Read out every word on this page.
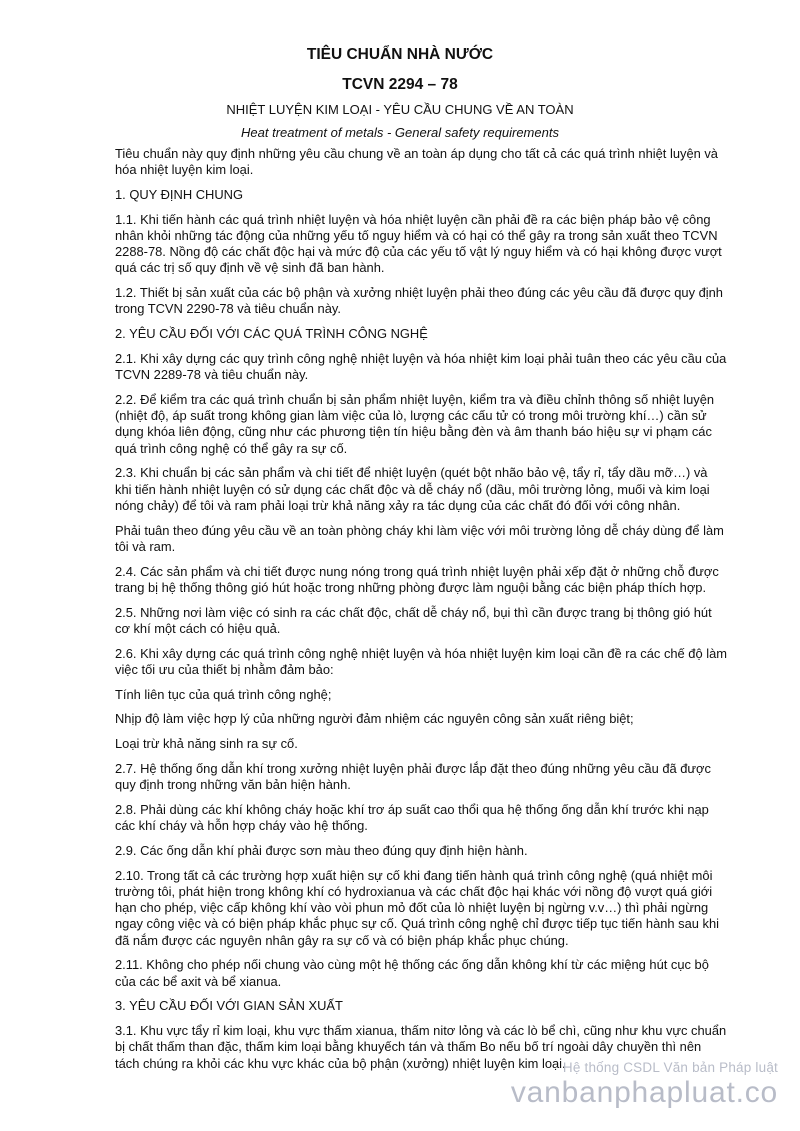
TIÊU CHUẨN NHÀ NƯỚC
TCVN 2294 – 78
NHIỆT LUYỆN KIM LOẠI - YÊU CẦU CHUNG VỀ AN TOÀN
Heat treatment of metals - General safety requirements

Tiêu chuẩn này quy định những yêu cầu chung về an toàn áp dụng cho tất cả các quá trình nhiệt luyện và hóa nhiệt luyện kim loại.

1. QUY ĐỊNH CHUNG

1.1. Khi tiến hành các quá trình nhiệt luyện và hóa nhiệt luyện cần phải đề ra các biện pháp bảo vệ công nhân khỏi những tác động của những yếu tố nguy hiểm và có hại có thể gây ra trong sản xuất theo TCVN 2288-78. Nồng độ các chất độc hại và mức độ của các yếu tố vật lý nguy hiểm và có hại không được vượt quá các trị số quy định về vệ sinh đã ban hành.

1.2. Thiết bị sản xuất của các bộ phận và xưởng nhiệt luyện phải theo đúng các yêu cầu đã được quy định trong TCVN 2290-78 và tiêu chuẩn này.

2. YÊU CẦU ĐỐI VỚI CÁC QUÁ TRÌNH CÔNG NGHỆ

2.1. Khi xây dựng các quy trình công nghệ nhiệt luyện và hóa nhiệt kim loại phải tuân theo các yêu cầu của TCVN 2289-78 và tiêu chuẩn này.

2.2. Để kiểm tra các quá trình chuẩn bị sản phẩm nhiệt luyện, kiểm tra và điều chỉnh thông số nhiệt luyện (nhiệt độ, áp suất trong không gian làm việc của lò, lượng các cấu tử có trong môi trường khí…) cần sử dụng khóa liên động, cũng như các phương tiện tín hiệu bằng đèn và âm thanh báo hiệu sự vi phạm các quá trình công nghệ có thể gây ra sự cố.

2.3. Khi chuẩn bị các sản phẩm và chi tiết để nhiệt luyện (quét bột nhão bảo vệ, tẩy rỉ, tẩy dầu mỡ…) và khi tiến hành nhiệt luyện có sử dụng các chất độc và dễ cháy nổ (dầu, môi trường lỏng, muối và kim loại nóng chảy) để tôi và ram phải loại trừ khả năng xảy ra tác dụng của các chất đó đối với công nhân.

Phải tuân theo đúng yêu cầu về an toàn phòng cháy khi làm việc với môi trường lỏng dễ cháy dùng để làm tôi và ram.

2.4. Các sản phẩm và chi tiết được nung nóng trong quá trình nhiệt luyện phải xếp đặt ở những chỗ được trang bị hệ thống thông gió hút hoặc trong những phòng được làm nguội bằng các biện pháp thích hợp.

2.5. Những nơi làm việc có sinh ra các chất độc, chất dễ cháy nổ, bụi thì cần được trang bị thông gió hút cơ khí một cách có hiệu quả.

2.6. Khi xây dựng các quá trình công nghệ nhiệt luyện và hóa nhiệt luyện kim loại cần đề ra các chế độ làm việc tối ưu của thiết bị nhằm đảm bảo:

Tính liên tục của quá trình công nghệ;

Nhịp độ làm việc hợp lý của những người đảm nhiệm các nguyên công sản xuất riêng biệt;

Loại trừ khả năng sinh ra sự cố.

2.7. Hệ thống ống dẫn khí trong xưởng nhiệt luyện phải được lắp đặt theo đúng những yêu cầu đã được quy định trong những văn bản hiện hành.

2.8. Phải dùng các khí không cháy hoặc khí trơ áp suất cao thổi qua hệ thống ống dẫn khí trước khi nạp các khí cháy và hỗn hợp cháy vào hệ thống.

2.9. Các ống dẫn khí phải được sơn màu theo đúng quy định hiện hành.

2.10. Trong tất cả các trường hợp xuất hiện sự cố khi đang tiến hành quá trình công nghệ (quá nhiệt môi trường tôi, phát hiện trong không khí có hydroxianua và các chất độc hại khác với nồng độ vượt quá giới hạn cho phép, việc cấp không khí vào vòi phun mỏ đốt của lò nhiệt luyện bị ngừng v.v…) thì phải ngừng ngay công việc và có biện pháp khắc phục sự cố. Quá trình công nghệ chỉ được tiếp tục tiến hành sau khi đã nắm được các nguyên nhân gây ra sự cố và có biện pháp khắc phục chúng.

2.11. Không cho phép nối chung vào cùng một hệ thống các ống dẫn không khí từ các miệng hút cục bộ của các bể axit và bể xianua.

3. YÊU CẦU ĐỐI VỚI GIAN SẢN XUẤT

3.1. Khu vực tẩy rỉ kim loại, khu vực thấm xianua, thấm nitơ lỏng và các lò bể chì, cũng như khu vực chuẩn bị chất thấm than đặc, thấm kim loại bằng khuyếch tán và thấm Bo nếu bố trí ngoài dây chuyền thì nên tách chúng ra khỏi các khu vực khác của bộ phận (xưởng) nhiệt luyện kim loại.

Hệ thống CSDL Văn bản Pháp luật
vanbanphapluat.co
